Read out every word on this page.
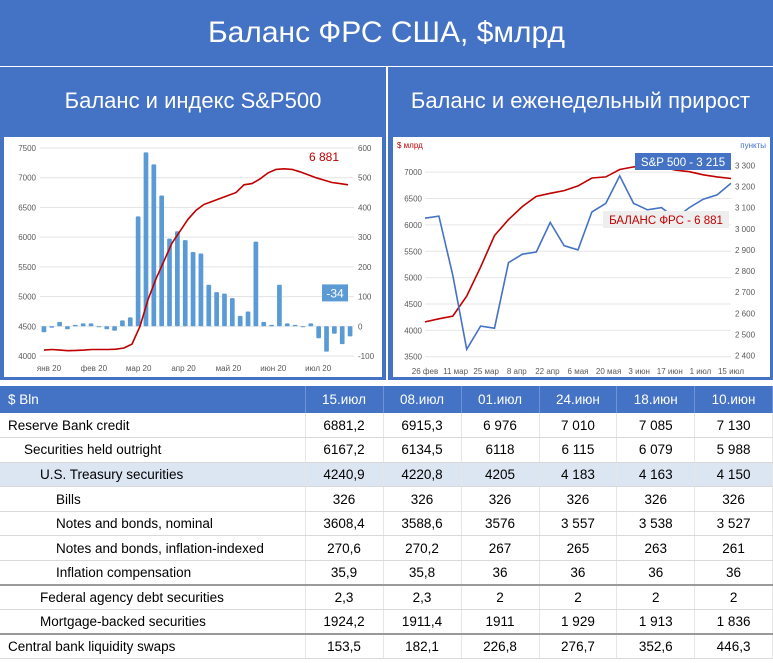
Баланс ФРС США, $млрд
Баланс и индекс S&P500	Баланс и еженедельный прирост
4000
4500
5000
5500
6000
6500
7000
7500
-100
0
100
200
300
400
500
600
янв 20 фев 20 мар 20 апр 20 май 20 июн 20 июл 20
6 881
-34
3500
4000
4500
5000
5500
6000
6500
7000
2 400
2 500
2 600
2 700
2 800
2 900
3 000
3 100
3 200
3 300
$ млрд	пункты
26 фев 11 мар 25 мар 8 апр 22 апр 6 мая 20 мая 3 июн 17 июн 1 июл 15 июл
S&P 500 - 3 215
БАЛАНС ФРС - 6 881
$ Bln	15.июл	08.июл	01.июл	24.июн	18.июн	10.июн
Reserve Bank credit	6881,2	6915,3	6 976	7 010	7 085	7 130
Securities held outright	6167,2	6134,5	6118	6 115	6 079	5 988
U.S. Treasury securities	4240,9	4220,8	4205	4 183	4 163	4 150
Bills	326	326	326	326	326	326
Notes and bonds, nominal	3608,4	3588,6	3576	3 557	3 538	3 527
Notes and bonds, inflation-indexed	270,6	270,2	267	265	263	261
Inflation compensation	35,9	35,8	36	36	36	36
Federal agency debt securities	2,3	2,3	2	2	2	2
Mortgage-backed securities	1924,2	1911,4	1911	1 929	1 913	1 836
Central bank liquidity swaps	153,5	182,1	226,8	276,7	352,6	446,3
